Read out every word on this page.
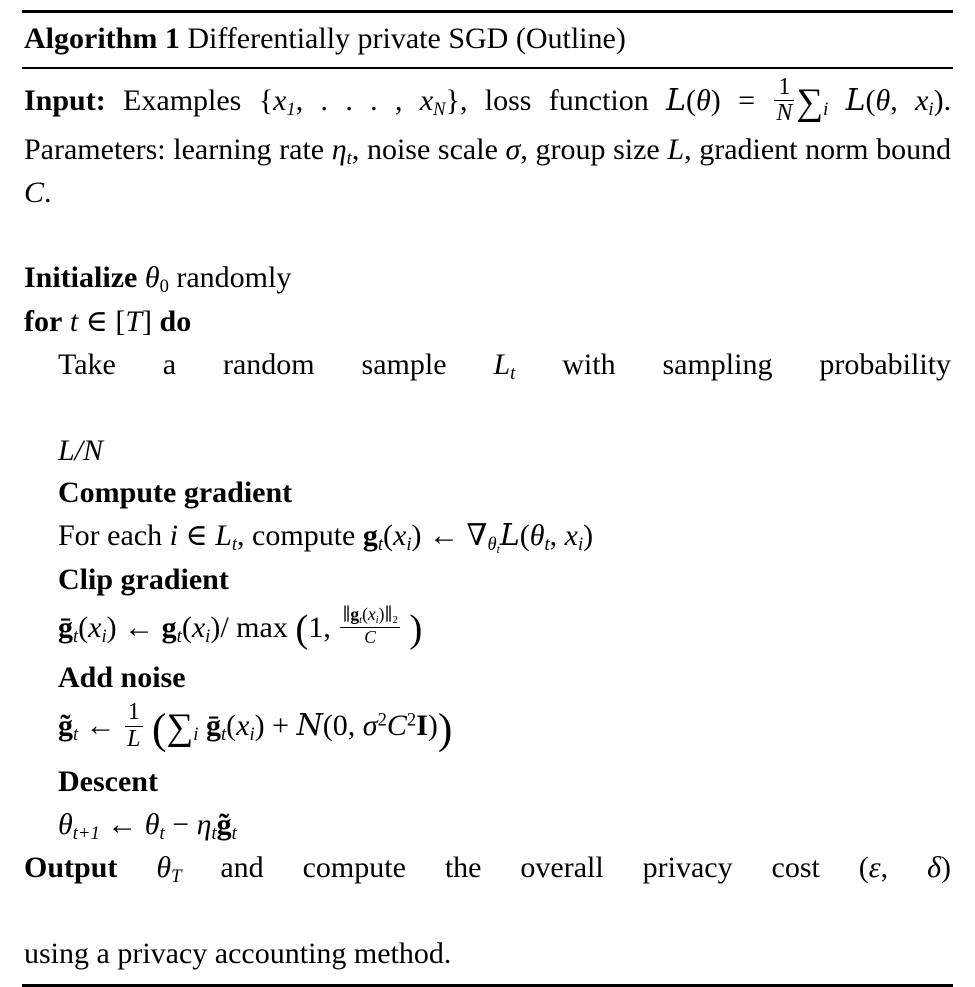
Algorithm 1 Differentially private SGD (Outline)
Input: Examples {$x_1$, . . . , $x_N$}, loss function $L(\theta) = \frac{1}{N} \sum_i$ L(θ, $x_i$). Parameters: learning rate $\eta_t$, noise scale σ, group size L, gradient norm bound C.
Initialize $\theta_0$ randomly
for t ∈ [T] do
Take a random sample $L_t$ with sampling probability
L/N
Compute gradient
For each i ∈ $L_t$, compute $g_t(x_i)$ ← $\nabla_{\theta_t}L(\theta_t$, $x_i$)
Clip gradient
$ḡ_t(x_i)$ ← $g_t(x_i)/$ max (1, $\frac{\parallel g_t(x_i)\parallel_2}{C}$ )
Add noise
$g̃_t$ ← $\frac{1}{L} (\sum_i$ $ḡ_t(x_i) + N(0$, $\sigma^2C^2I$))
Descent
$\theta_{t+1}$ ← $\theta_t$ − $\eta_tg̃_t$
Output $\theta_T$ and compute the overall privacy cost (ε, δ)
using a privacy accounting method.
